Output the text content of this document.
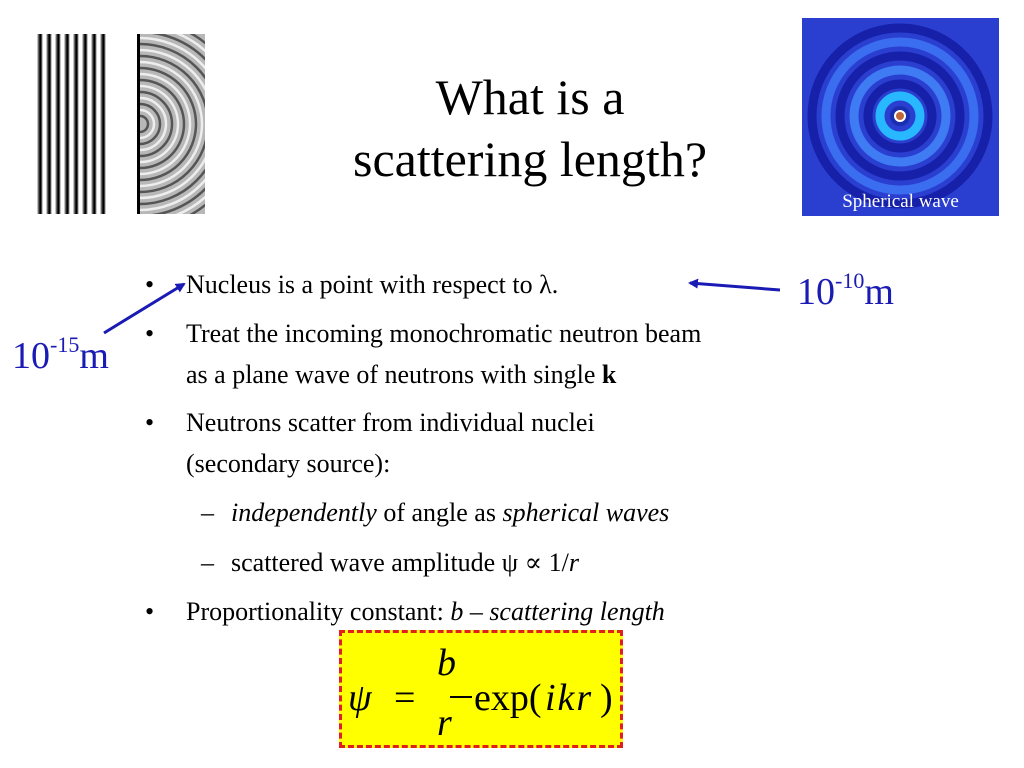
What is a
scattering length?
Spherical wave
$10^{-15}m$
$10^{-10}m$
• Nucleus is a point with respect to λ.
• Treat the incoming monochromatic neutron beam
as a plane wave of neutrons with single k
• Neutrons scatter from individual nuclei
(secondary source):
– independently of angle as spherical waves
– scattered wave amplitude ψ ∝ 1/r
• Proportionality constant: b – scattering length
ψ =
b
r
exp( ikr )
